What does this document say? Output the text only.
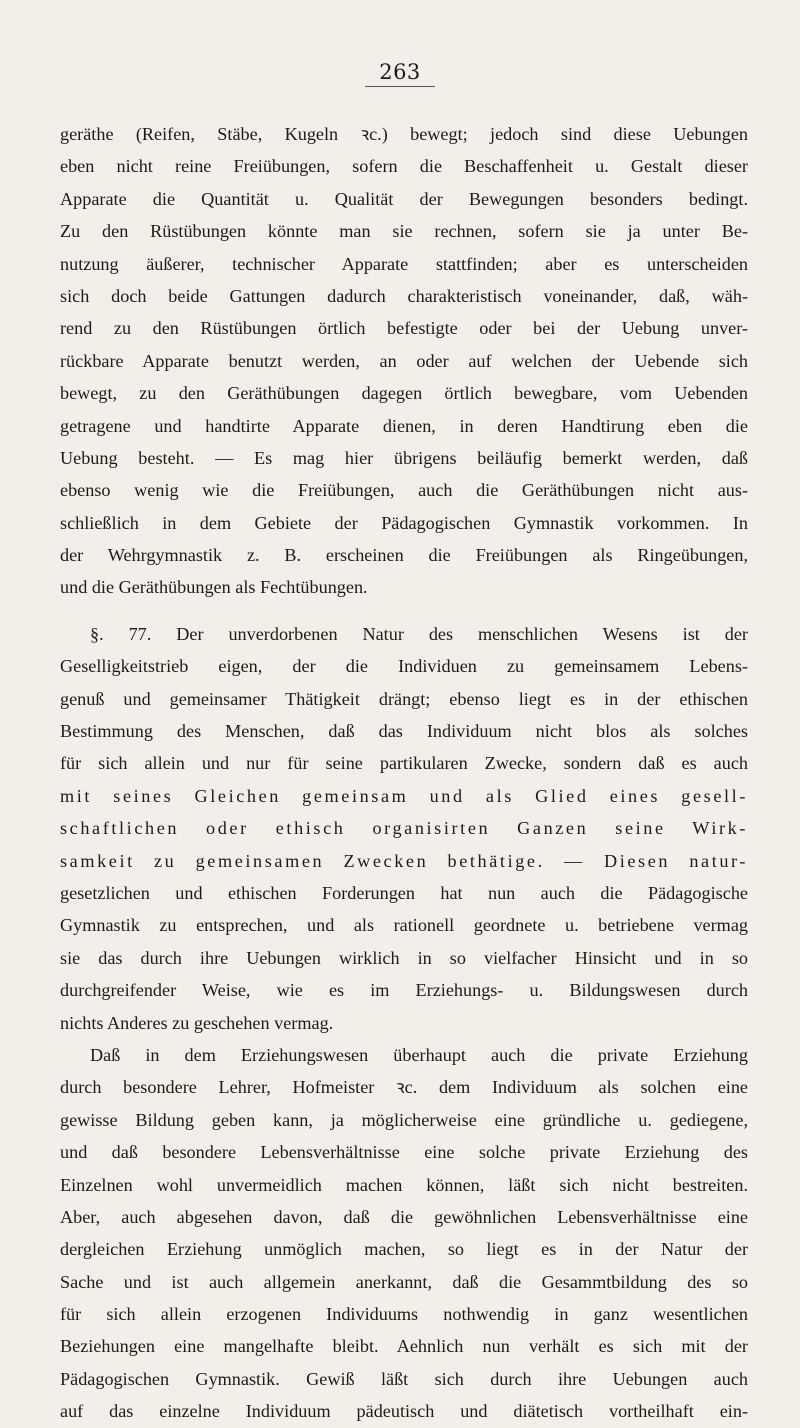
263
geräthe (Reifen, Stäbe, Kugeln ꝛc.) bewegt; jedoch sind diese Uebungen
eben nicht reine Freiübungen, sofern die Beschaffenheit u. Gestalt dieser
Apparate die Quantität u. Qualität der Bewegungen besonders bedingt.
Zu den Rüstübungen könnte man sie rechnen, sofern sie ja unter Be-
nutzung äußerer, technischer Apparate stattfinden; aber es unterscheiden
sich doch beide Gattungen dadurch charakteristisch voneinander, daß, wäh-
rend zu den Rüstübungen örtlich befestigte oder bei der Uebung unver-
rückbare Apparate benutzt werden, an oder auf welchen der Uebende sich
bewegt, zu den Geräthübungen dagegen örtlich bewegbare, vom Uebenden
getragene und handtirte Apparate dienen, in deren Handtirung eben die
Uebung besteht. — Es mag hier übrigens beiläufig bemerkt werden, daß
ebenso wenig wie die Freiübungen, auch die Geräthübungen nicht aus-
schließlich in dem Gebiete der Pädagogischen Gymnastik vorkommen. In
der Wehrgymnastik z. B. erscheinen die Freiübungen als Ringeübungen,
und die Geräthübungen als Fechtübungen.
§. 77. Der unverdorbenen Natur des menschlichen Wesens ist der
Geselligkeitstrieb eigen, der die Individuen zu gemeinsamem Lebens-
genuß und gemeinsamer Thätigkeit drängt; ebenso liegt es in der ethischen
Bestimmung des Menschen, daß das Individuum nicht blos als solches
für sich allein und nur für seine partikularen Zwecke, sondern daß es auch
mit seines Gleichen gemeinsam und als Glied eines gesell-
schaftlichen oder ethisch organisirten Ganzen seine Wirk-
samkeit zu gemeinsamen Zwecken bethätige. — Diesen natur-
gesetzlichen und ethischen Forderungen hat nun auch die Pädagogische
Gymnastik zu entsprechen, und als rationell geordnete u. betriebene vermag
sie das durch ihre Uebungen wirklich in so vielfacher Hinsicht und in so
durchgreifender Weise, wie es im Erziehungs- u. Bildungswesen durch
nichts Anderes zu geschehen vermag.
Daß in dem Erziehungswesen überhaupt auch die private Erziehung
durch besondere Lehrer, Hofmeister ꝛc. dem Individuum als solchen eine
gewisse Bildung geben kann, ja möglicherweise eine gründliche u. gediegene,
und daß besondere Lebensverhältnisse eine solche private Erziehung des
Einzelnen wohl unvermeidlich machen können, läßt sich nicht bestreiten.
Aber, auch abgesehen davon, daß die gewöhnlichen Lebensverhältnisse eine
dergleichen Erziehung unmöglich machen, so liegt es in der Natur der
Sache und ist auch allgemein anerkannt, daß die Gesammtbildung des so
für sich allein erzogenen Individuums nothwendig in ganz wesentlichen
Beziehungen eine mangelhafte bleibt. Aehnlich nun verhält es sich mit der
Pädagogischen Gymnastik. Gewiß läßt sich durch ihre Uebungen auch
auf das einzelne Individuum pädeutisch und diätetisch vortheilhaft ein-
